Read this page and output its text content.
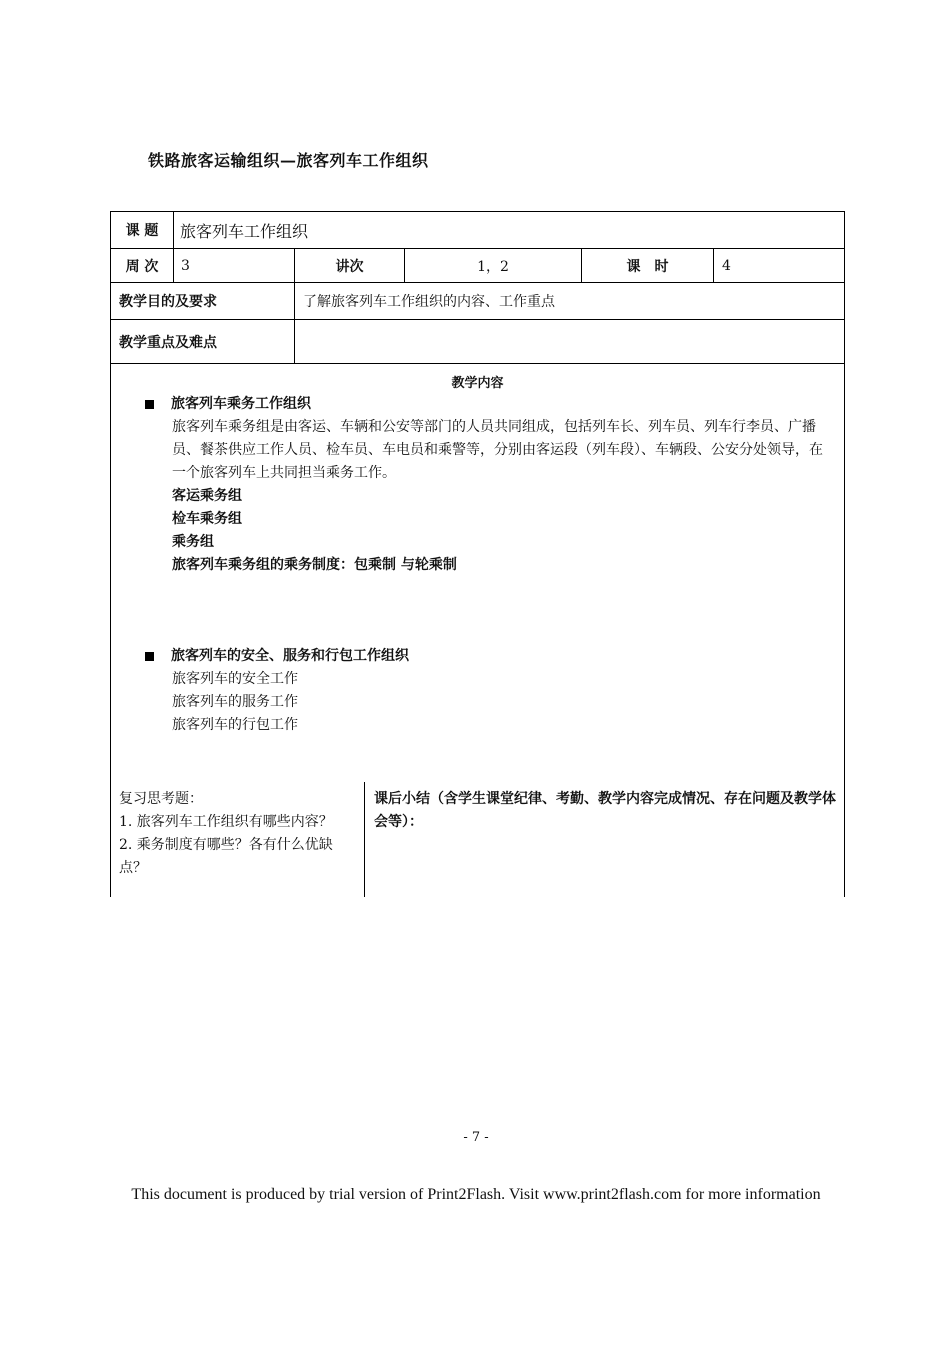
铁路旅客运输组织—旅客列车工作组织
课 题	旅客列车工作组织
周 次	3	讲次	1，2	课　时	4
教学目的及要求	了解旅客列车工作组织的内容、工作重点
教学重点及难点
教学内容
旅客列车乘务工作组织
旅客列车乘务组是由客运、车辆和公安等部门的人员共同组成，包括列车长、列车员、列车行李员、广播员、餐茶供应工作人员、检车员、车电员和乘警等，分别由客运段（列车段）、车辆段、公安分处领导，在一个旅客列车上共同担当乘务工作。
客运乘务组
检车乘务组
乘务组
旅客列车乘务组的乘务制度：包乘制 与轮乘制
旅客列车的安全、服务和行包工作组织
旅客列车的安全工作
旅客列车的服务工作
旅客列车的行包工作
复习思考题：
1. 旅客列车工作组织有哪些内容？
2. 乘务制度有哪些？各有什么优缺点？
课后小结（含学生课堂纪律、考勤、教学内容完成情况、存在问题及教学体会等）：
- 7 -
This document is produced by trial version of Print2Flash. Visit www.print2flash.com for more information
